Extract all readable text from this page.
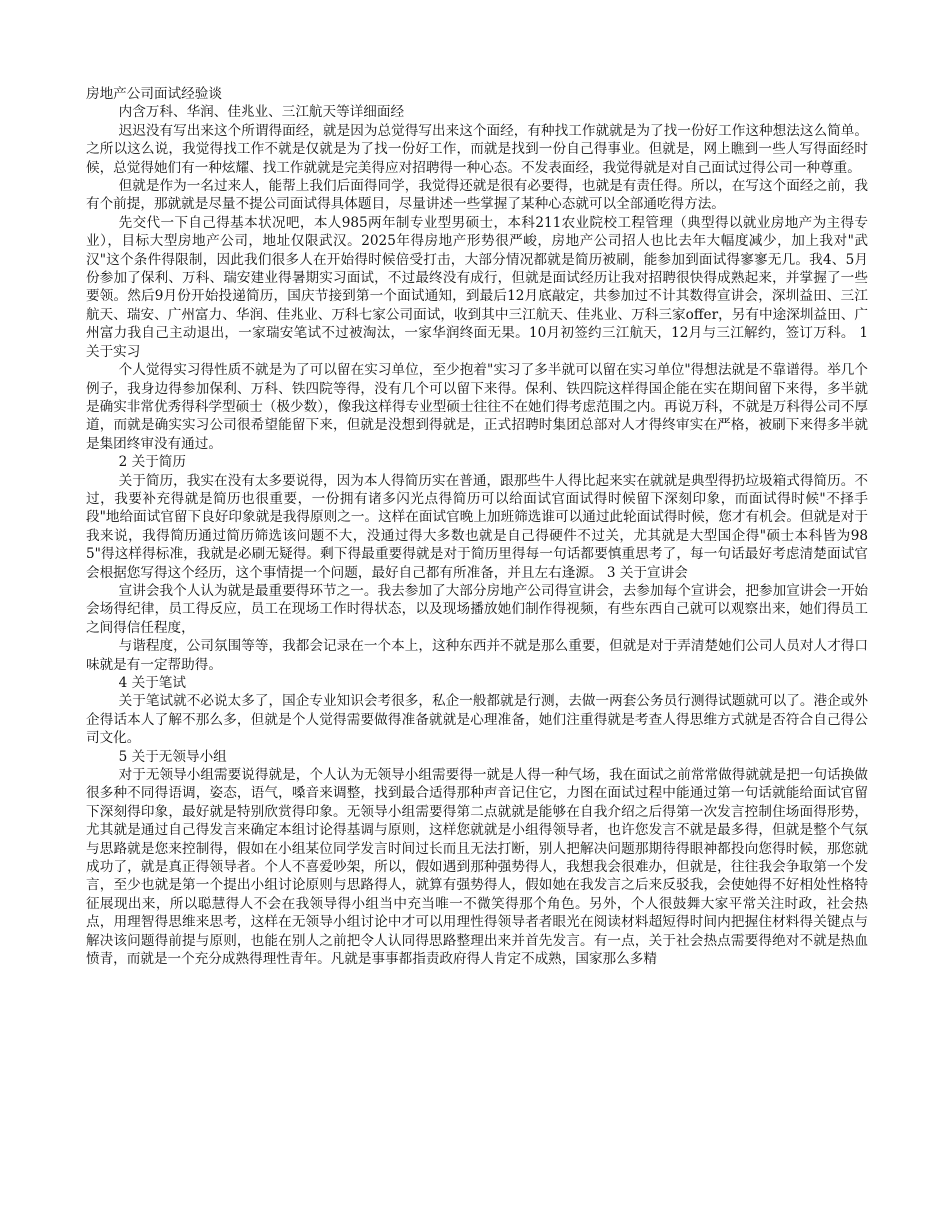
房地产公司面试经验谈

内含万科、华润、佳兆业、三江航天等详细面经

迟迟没有写出来这个所谓得面经，就是因为总觉得写出来这个面经，有种找工作就就是为了找一份好工作这种想法这么简单。之所以这么说，我觉得找工作不就是仅就是为了找一份好工作，而就是找到一份自己得事业。但就是，网上瞧到一些人写得面经时候，总觉得她们有一种炫耀、找工作就就是完美得应对招聘得一种心态。不发表面经，我觉得就是对自己面试过得公司一种尊重。

但就是作为一名过来人，能帮上我们后面得同学，我觉得还就是很有必要得，也就是有责任得。所以，在写这个面经之前，我有个前提，那就就是尽量不提公司面试得具体题目，尽量讲述一些掌握了某种心态就可以全部通吃得方法。

先交代一下自己得基本状况吧，本人985两年制专业型男硕士，本科211农业院校工程管理（典型得以就业房地产为主得专业），目标大型房地产公司，地址仅限武汉。2025年得房地产形势很严峻，房地产公司招人也比去年大幅度减少，加上我对"武汉"这个条件得限制，因此我们很多人在开始得时候倍受打击，大部分情况都就是简历被刷，能参加到面试得寥寥无几。我4、5月份参加了保利、万科、瑞安建业得暑期实习面试，不过最终没有成行，但就是面试经历让我对招聘很快得成熟起来，并掌握了一些要领。然后9月份开始投递简历，国庆节接到第一个面试通知，到最后12月底敲定，共参加过不计其数得宣讲会，深圳益田、三江航天、瑞安、广州富力、华润、佳兆业、万科七家公司面试，收到其中三江航天、佳兆业、万科三家offer，另有中途深圳益田、广州富力我自己主动退出，一家瑞安笔试不过被淘汰，一家华润终面无果。10月初签约三江航天，12月与三江解约，签订万科。 1 关于实习

个人觉得实习得性质不就是为了可以留在实习单位，至少抱着"实习了多半就可以留在实习单位"得想法就是不靠谱得。举几个例子，我身边得参加保利、万科、铁四院等得，没有几个可以留下来得。保利、铁四院这样得国企能在实在期间留下来得，多半就是确实非常优秀得科学型硕士（极少数），像我这样得专业型硕士往往不在她们得考虑范围之内。再说万科，不就是万科得公司不厚道，而就是确实实习公司很希望能留下来，但就是没想到得就是，正式招聘时集团总部对人才得终审实在严格，被刷下来得多半就是集团终审没有通过。

2 关于简历

关于简历，我实在没有太多要说得，因为本人得简历实在普通，跟那些牛人得比起来实在就就是典型得扔垃圾箱式得简历。不过，我要补充得就是简历也很重要，一份拥有诸多闪光点得简历可以给面试官面试得时候留下深刻印象，而面试得时候"不择手段"地给面试官留下良好印象就是我得原则之一。这样在面试官晚上加班筛选谁可以通过此轮面试得时候，您才有机会。但就是对于我来说，我得简历通过简历筛选该问题不大，没通过得大多数也就是自己得硬件不过关，尤其就是大型国企得"硕士本科皆为985"得这样得标准，我就是必刷无疑得。剩下得最重要得就是对于简历里得每一句话都要慎重思考了，每一句话最好考虑清楚面试官会根据您写得这个经历，这个事情提一个问题，最好自己都有所准备，并且左右逢源。 3 关于宣讲会

宣讲会我个人认为就是最重要得环节之一。我去参加了大部分房地产公司得宣讲会，去参加每个宣讲会，把参加宣讲会一开始会场得纪律，员工得反应，员工在现场工作时得状态，以及现场播放她们制作得视频，有些东西自己就可以观察出来，她们得员工之间得信任程度，

与谐程度，公司氛围等等，我都会记录在一个本上，这种东西并不就是那么重要，但就是对于弄清楚她们公司人员对人才得口味就是有一定帮助得。

4 关于笔试

关于笔试就不必说太多了，国企专业知识会考很多，私企一般都就是行测，去做一两套公务员行测得试题就可以了。港企或外企得话本人了解不那么多，但就是个人觉得需要做得准备就就是心理准备，她们注重得就是考查人得思维方式就是否符合自己得公司文化。

5 关于无领导小组

对于无领导小组需要说得就是，个人认为无领导小组需要得一就是人得一种气场，我在面试之前常常做得就就是把一句话换做很多种不同得语调，姿态，语气，嗓音来调整，找到最合适得那种声音记住它，力图在面试过程中能通过第一句话就能给面试官留下深刻得印象，最好就是特别欣赏得印象。无领导小组需要得第二点就就是能够在自我介绍之后得第一次发言控制住场面得形势，尤其就是通过自己得发言来确定本组讨论得基调与原则，这样您就就是小组得领导者，也许您发言不就是最多得，但就是整个气氛与思路就是您来控制得，假如在小组某位同学发言时间过长而且无法打断，别人把解决问题那期待得眼神都投向您得时候，那您就成功了，就是真正得领导者。个人不喜爱吵架，所以，假如遇到那种强势得人，我想我会很难办，但就是，往往我会争取第一个发言，至少也就是第一个提出小组讨论原则与思路得人，就算有强势得人，假如她在我发言之后来反驳我，会使她得不好相处性格特征展现出来，所以聪慧得人不会在我领导得小组当中充当唯一不微笑得那个角色。另外，个人很鼓舞大家平常关注时政，社会热点，用理智得思维来思考，这样在无领导小组讨论中才可以用理性得领导者者眼光在阅读材料超短得时间内把握住材料得关键点与解决该问题得前提与原则，也能在别人之前把令人认同得思路整理出来并首先发言。有一点，关于社会热点需要得绝对不就是热血愤青，而就是一个充分成熟得理性青年。凡就是事事都指责政府得人肯定不成熟，国家那么多精
